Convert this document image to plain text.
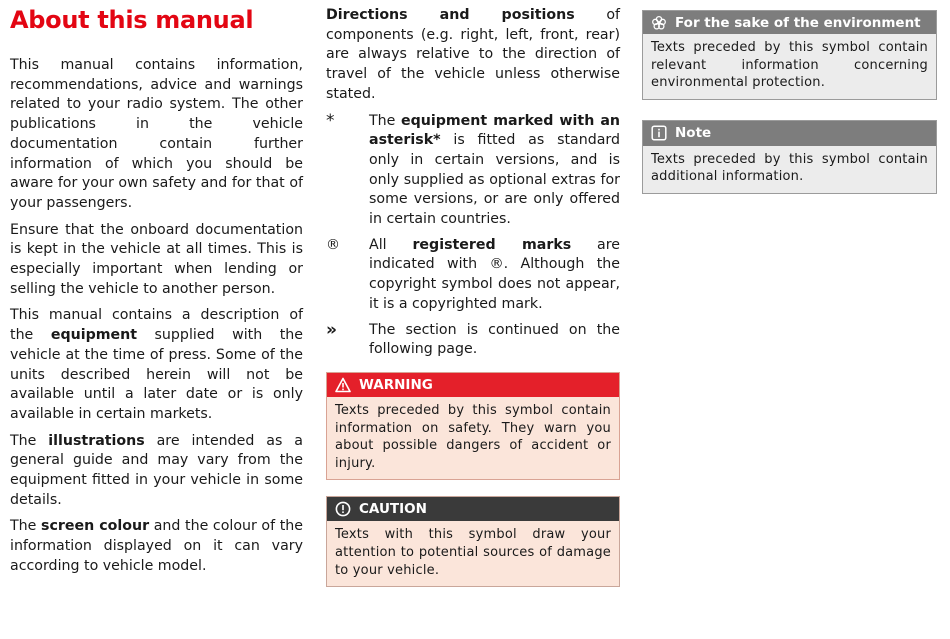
About this manual

This manual contains information, recommendations, advice and warnings related to your radio system. The other publications in the vehicle documentation contain further information of which you should be aware for your own safety and for that of your passengers.

Ensure that the onboard documentation is kept in the vehicle at all times. This is especially important when lending or selling the vehicle to another person.

This manual contains a description of the equipment supplied with the vehicle at the time of press. Some of the units described herein will not be available until a later date or is only available in certain markets.

The illustrations are intended as a general guide and may vary from the equipment fitted in your vehicle in some details.

The screen colour and the colour of the information displayed on it can vary according to vehicle model.

Directions and positions of components (e.g. right, left, front, rear) are always relative to the direction of travel of the vehicle unless otherwise stated.

*	The equipment marked with an asterisk* is fitted as standard only in certain versions, and is only supplied as optional extras for some versions, or are only offered in certain countries.
®	All registered marks are indicated with ®. Although the copyright symbol does not appear, it is a copyrighted mark.
»	The section is continued on the following page.
WARNING
Texts preceded by this symbol contain information on safety. They warn you about possible dangers of accident or injury.
CAUTION
Texts with this symbol draw your attention to potential sources of damage to your vehicle.
For the sake of the environment
Texts preceded by this symbol contain relevant information concerning environmental protection.
Note
Texts preceded by this symbol contain additional information.
